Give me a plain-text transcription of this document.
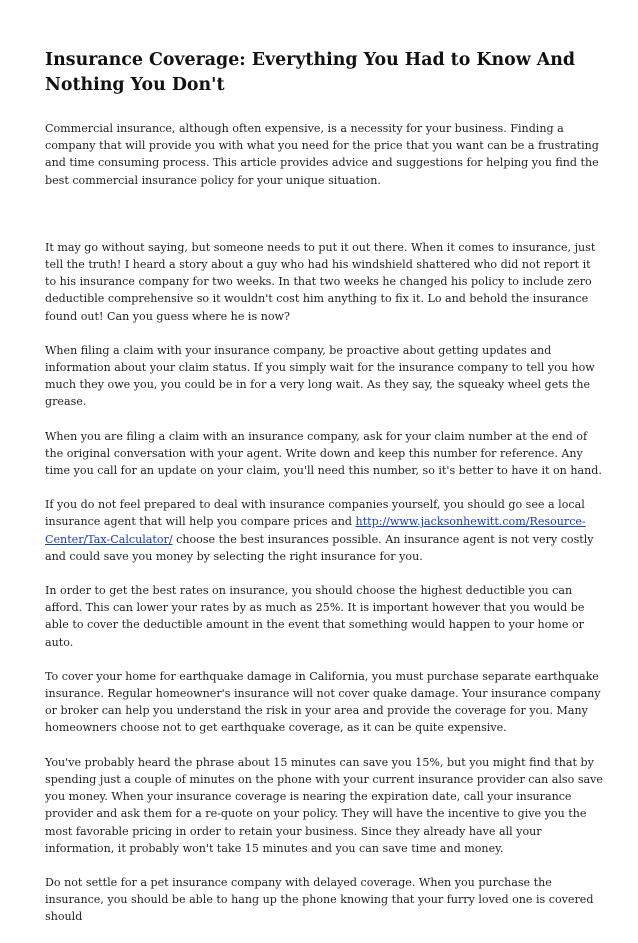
Insurance Coverage: Everything You Had to Know And Nothing You Don't

Commercial insurance, although often expensive, is a necessity for your business. Finding a company that will provide you with what you need for the price that you want can be a frustrating and time consuming process. This article provides advice and suggestions for helping you find the best commercial insurance policy for your unique situation.

It may go without saying, but someone needs to put it out there. When it comes to insurance, just tell the truth! I heard a story about a guy who had his windshield shattered who did not report it to his insurance company for two weeks. In that two weeks he changed his policy to include zero deductible comprehensive so it wouldn't cost him anything to fix it. Lo and behold the insurance found out! Can you guess where he is now?

When filing a claim with your insurance company, be proactive about getting updates and information about your claim status. If you simply wait for the insurance company to tell you how much they owe you, you could be in for a very long wait. As they say, the squeaky wheel gets the grease.

When you are filing a claim with an insurance company, ask for your claim number at the end of the original conversation with your agent. Write down and keep this number for reference. Any time you call for an update on your claim, you'll need this number, so it's better to have it on hand.

If you do not feel prepared to deal with insurance companies yourself, you should go see a local insurance agent that will help you compare prices and http://www.jacksonhewitt.com/Resource-Center/Tax-Calculator/ choose the best insurances possible. An insurance agent is not very costly and could save you money by selecting the right insurance for you.

In order to get the best rates on insurance, you should choose the highest deductible you can afford. This can lower your rates by as much as 25%. It is important however that you would be able to cover the deductible amount in the event that something would happen to your home or auto.

To cover your home for earthquake damage in California, you must purchase separate earthquake insurance. Regular homeowner's insurance will not cover quake damage. Your insurance company or broker can help you understand the risk in your area and provide the coverage for you. Many homeowners choose not to get earthquake coverage, as it can be quite expensive.

You've probably heard the phrase about 15 minutes can save you 15%, but you might find that by spending just a couple of minutes on the phone with your current insurance provider can also save you money. When your insurance coverage is nearing the expiration date, call your insurance provider and ask them for a re-quote on your policy. They will have the incentive to give you the most favorable pricing in order to retain your business. Since they already have all your information, it probably won't take 15 minutes and you can save time and money.

Do not settle for a pet insurance company with delayed coverage. When you purchase the insurance, you should be able to hang up the phone knowing that your furry loved one is covered should
